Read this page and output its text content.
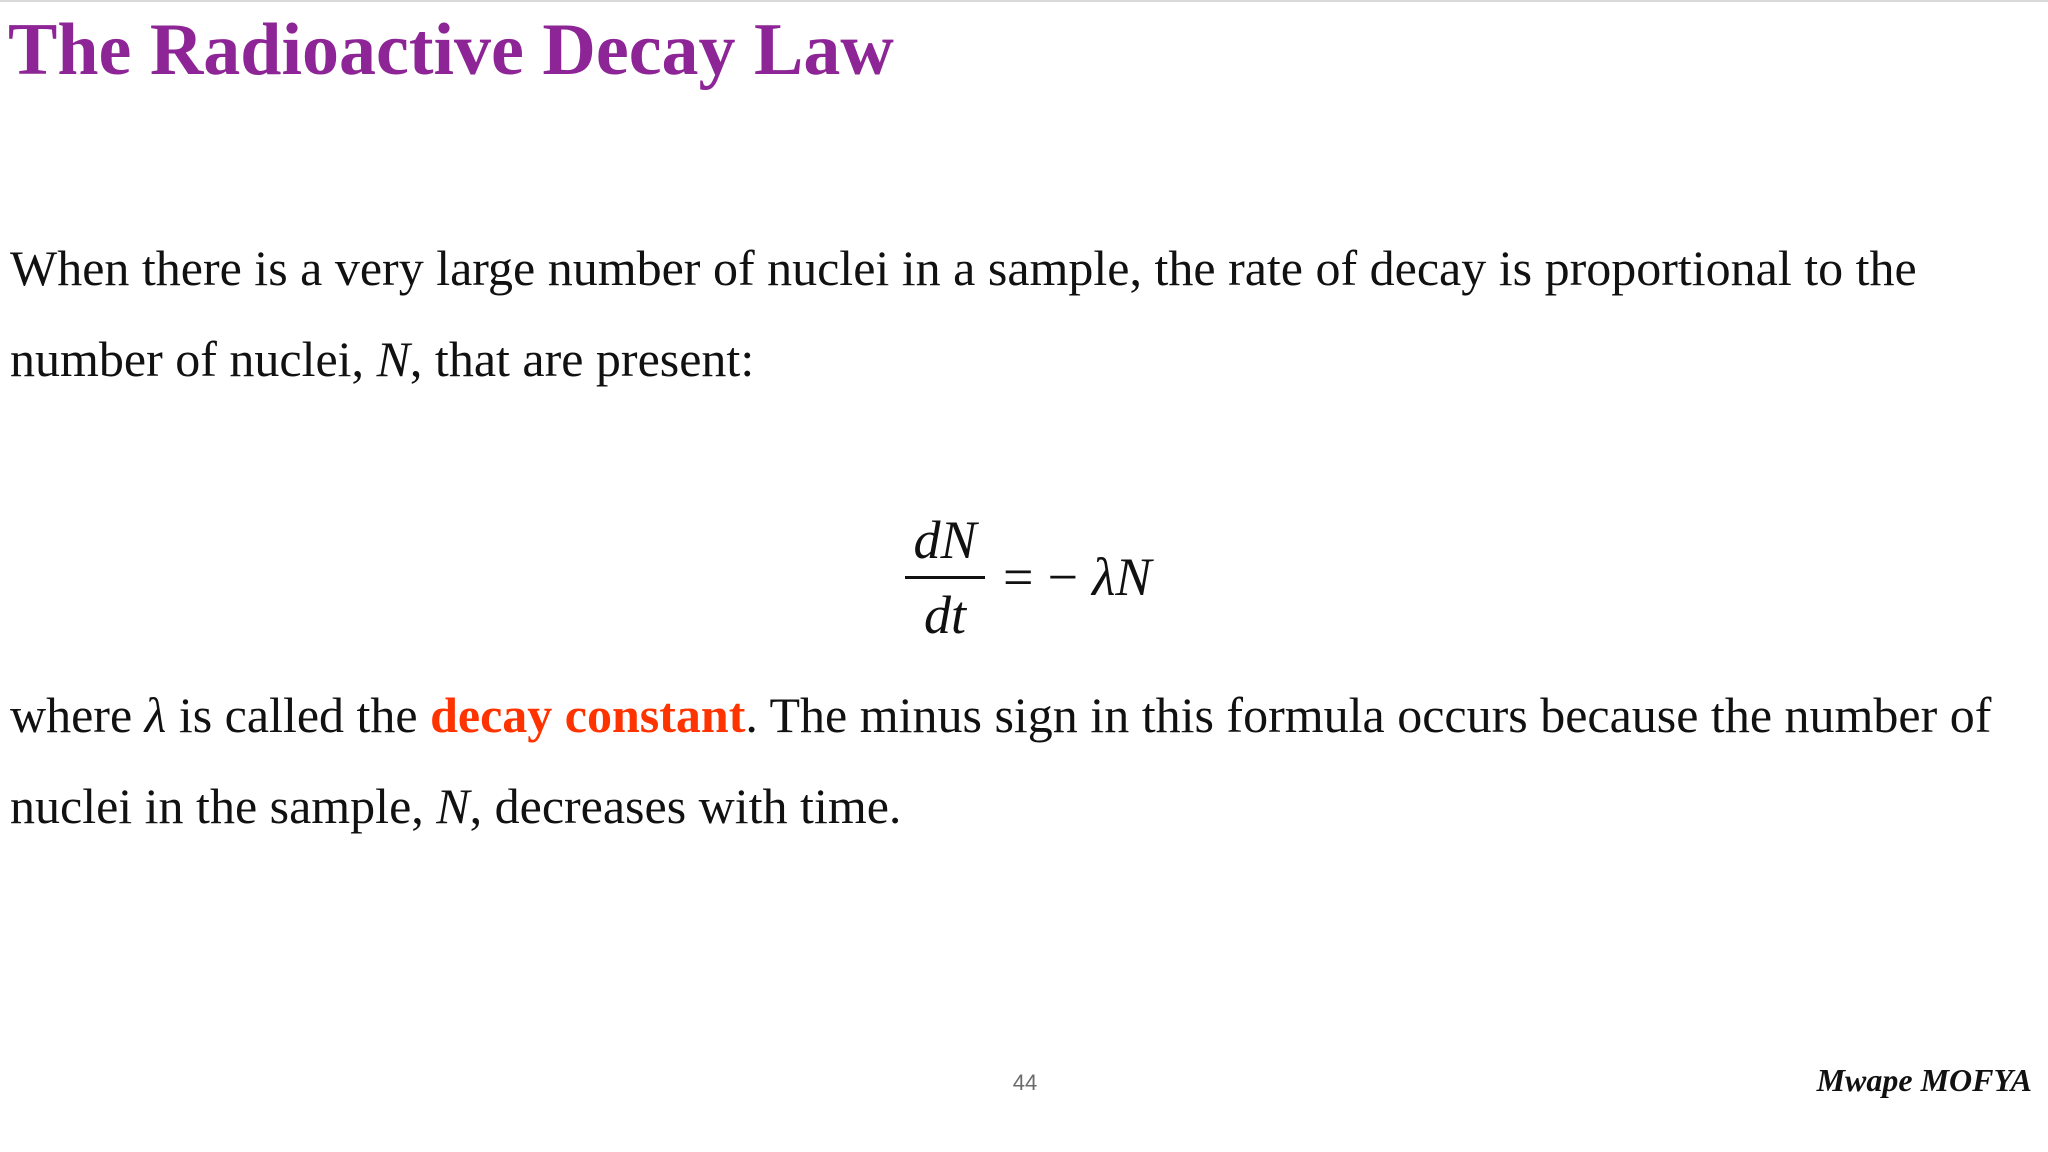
The Radioactive Decay Law

When there is a very large number of nuclei in a sample, the rate of decay is proportional to the number of nuclei, N, that are present:

$\frac{dN}{dt}$ = − λN

where λ is called the decay constant. The minus sign in this formula occurs because the number of nuclei in the sample, N, decreases with time.

44	Mwape MOFYA
